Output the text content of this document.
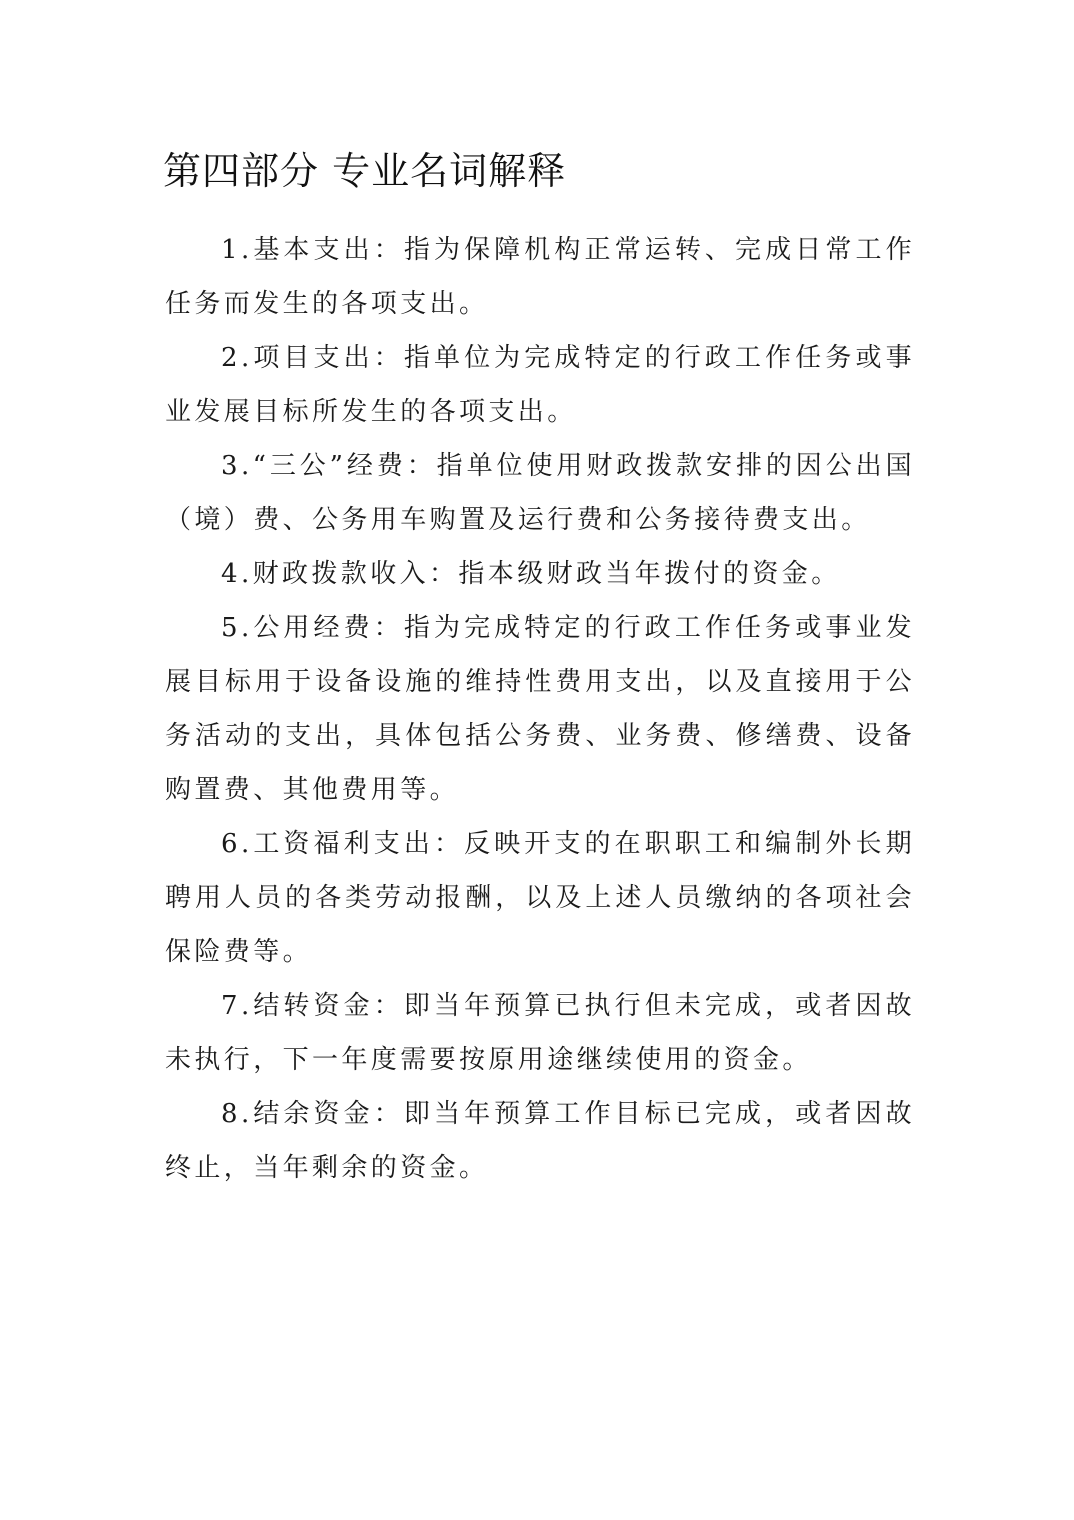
第四部分 专业名词解释

1.基本支出：指为保障机构正常运转、完成日常工作任务而发生的各项支出。

2.项目支出：指单位为完成特定的行政工作任务或事业发展目标所发生的各项支出。

3.“三公”经费：指单位使用财政拨款安排的因公出国（境）费、公务用车购置及运行费和公务接待费支出。

4.财政拨款收入：指本级财政当年拨付的资金。

5.公用经费：指为完成特定的行政工作任务或事业发展目标用于设备设施的维持性费用支出，以及直接用于公务活动的支出，具体包括公务费、业务费、修缮费、设备购置费、其他费用等。

6.工资福利支出：反映开支的在职职工和编制外长期聘用人员的各类劳动报酬，以及上述人员缴纳的各项社会保险费等。

7.结转资金：即当年预算已执行但未完成，或者因故未执行，下一年度需要按原用途继续使用的资金。

8.结余资金：即当年预算工作目标已完成，或者因故终止，当年剩余的资金。
